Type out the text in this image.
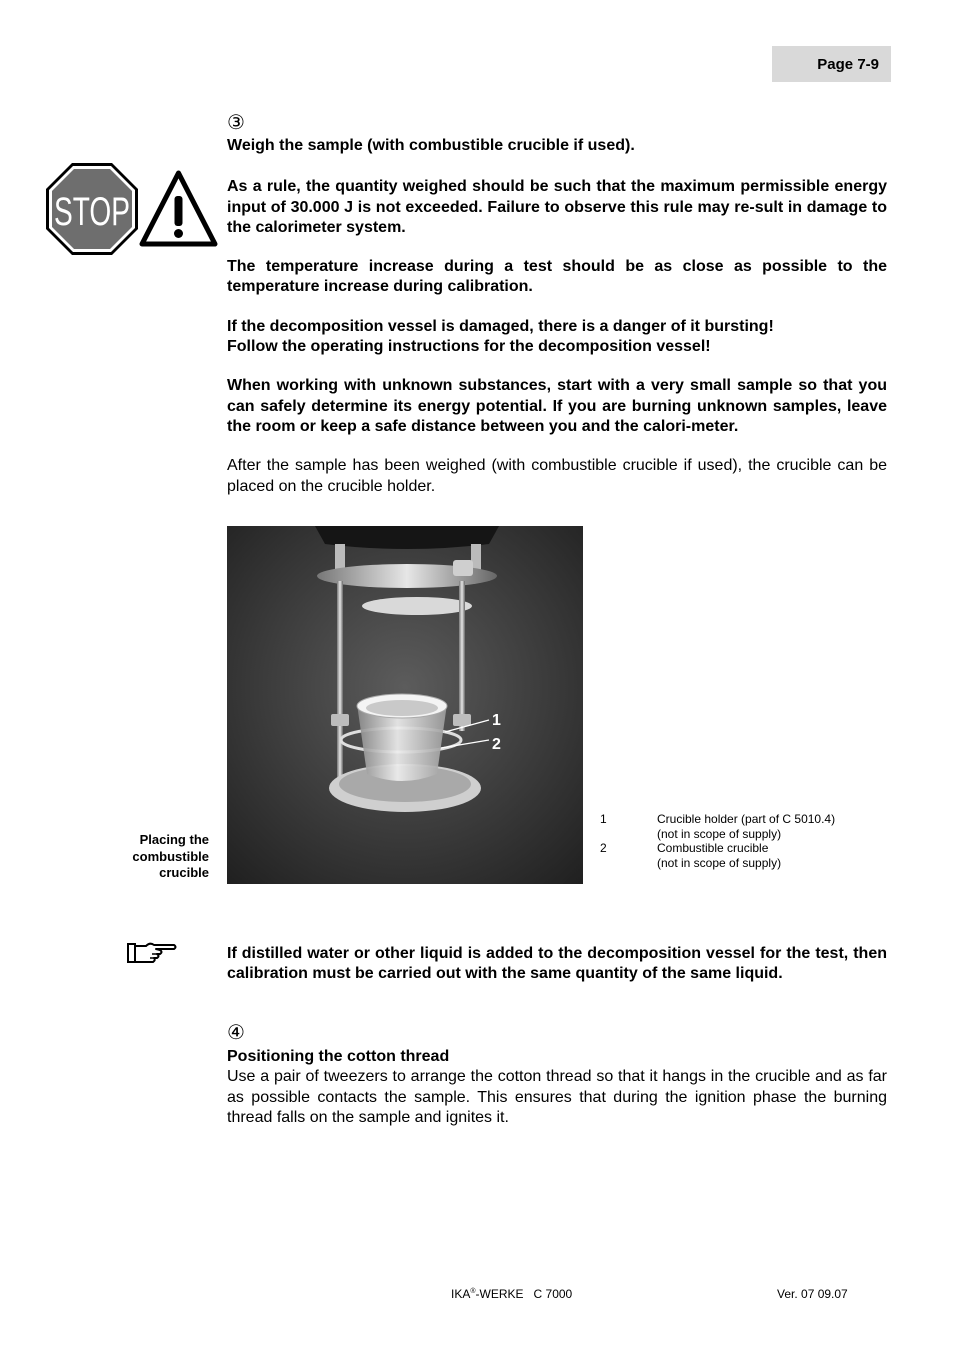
Page 7-9
STOP
③

Weigh the sample (with combustible crucible if used).

As a rule, the quantity weighed should be such that the maximum permissible energy input of 30.000 J is not exceeded. Failure to observe this rule may re-sult in damage to the calorimeter system.

The temperature increase during a test should be as close as possible to the temperature increase during calibration.

If the decomposition vessel is damaged, there is a danger of it bursting!

Follow the operating instructions for the decomposition vessel!

When working with unknown substances, start with a very small sample so that you can safely determine its energy potential. If you are burning unknown samples, leave the room or keep a safe distance between you and the calori-meter.

After the sample has been weighed (with combustible crucible if used), the crucible can be placed on the crucible holder.

1
2
Placing the
combustible
crucible
1	Crucible holder (part of C 5010.4)
(not in scope of supply)
2	Combustible crucible
(not in scope of supply)

If distilled water or other liquid is added to the decomposition vessel for the test, then calibration must be carried out with the same quantity of the same liquid.

④

Positioning the cotton thread

Use a pair of tweezers to arrange the cotton thread so that it hangs in the crucible and as far as possible contacts the sample. This ensures that during the ignition phase the burning thread falls on the sample and ignites it.

IKA®-WERKE   C 7000	Ver. 07 09.07
